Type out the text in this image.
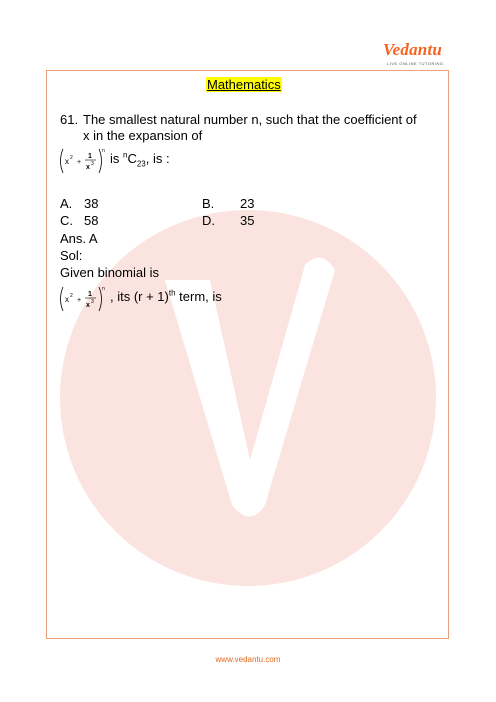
Vedantu
LIVE ONLINE TUTORING
Mathematics
61. The smallest natural number n, such that the coefficient of
x in the expansion of
x 2
+
1
x 3
n is $^nC_{23}$, is :
A. 38	B. 23
C. 58	D. 35
Ans. A
Sol:
Given binomial is
x 2
+
1
x 3
n , its $(r + 1)^{th}$ term, is
www.vedantu.com
